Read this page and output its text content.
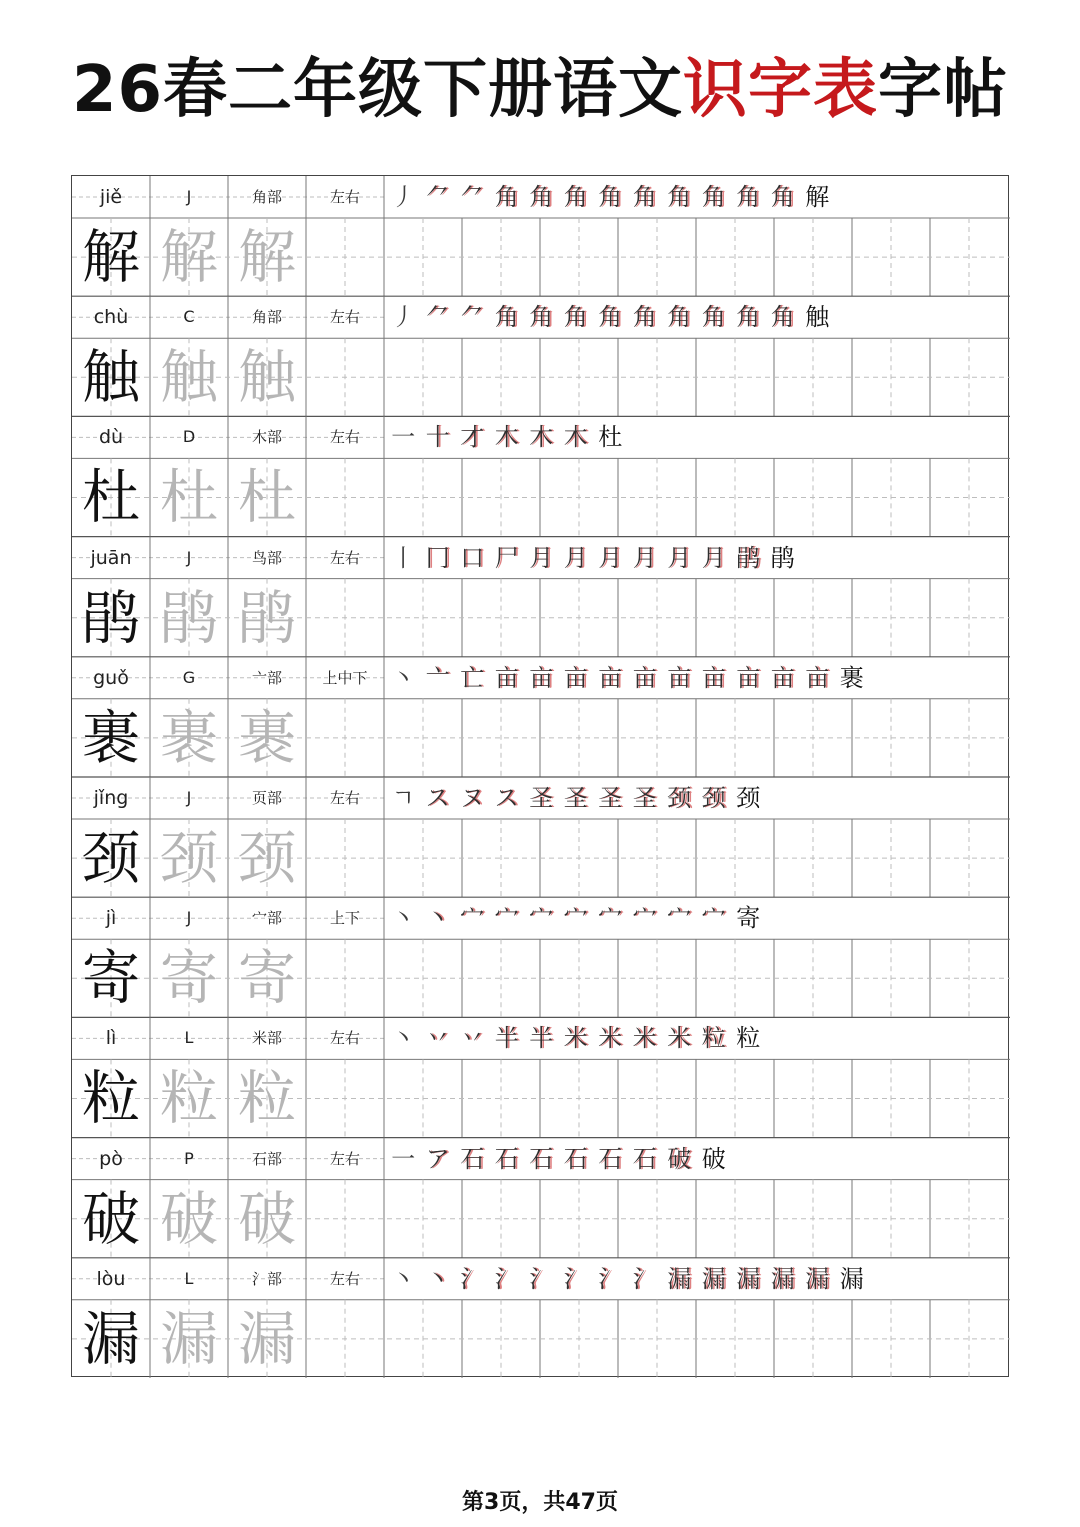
26春二年级下册语文识字表字帖
jiě	J	角部	左右	丿 ⺈ ⺈ 角 角 角 角 角 角 角 角 角 解
解 解 解
chù	C	角部	左右	丿 ⺈ ⺈ 角 角 角 角 角 角 角 角 角 触
触 触 触
dù	D	木部	左右	一 十 才 木 木 木 杜
杜 杜 杜
juān	J	鸟部	左右	丨 冂 口 尸 月 月 月 月 月 月 鹃 鹃
鹃 鹃 鹃
guǒ	G	亠部	上中下 丶 亠 亡 亩 亩 亩 亩 亩 亩 亩 亩 亩 亩 裹
裹 裹 裹
jǐng	J	页部	左右	ㄱ ス ヌ ス 圣 圣 圣 圣 颈 颈 颈
颈 颈 颈
jì	J	宀部	上下	丶 丶 宀 宀 宀 宀 宀 宀 宀 宀 寄
寄 寄 寄
lì	L	米部	左右	丶 丷 丷 半 半 米 米 米 米 粒 粒
粒 粒 粒
pò	P	石部	左右	一 ア 石 石 石 石 石 石 破 破
破 破 破
lòu	L	氵部	左右	丶 丶 氵 氵 氵 氵 氵 氵 漏 漏 漏 漏 漏 漏
漏 漏 漏
第3页，共47页
